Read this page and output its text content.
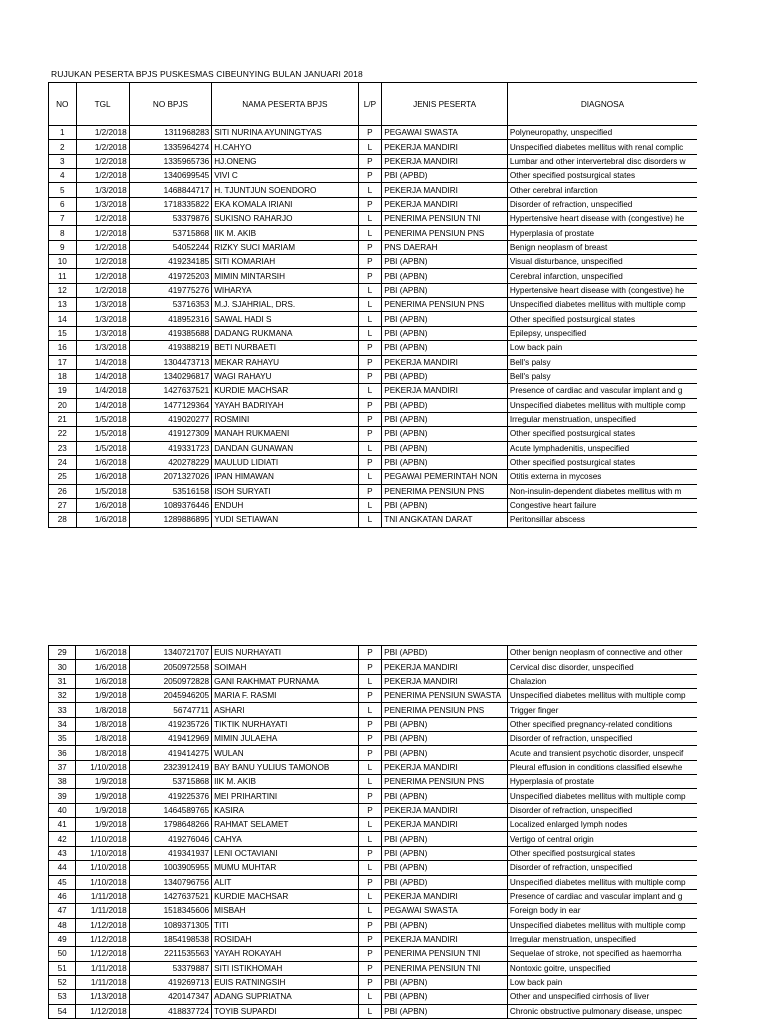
RUJUKAN PESERTA BPJS PUSKESMAS CIBEUNYING BULAN JANUARI 2018
NO	TGL	NO BPJS	NAMA PESERTA BPJS	L/P	JENIS PESERTA	DIAGNOSA
1	1/2/2018	1311968283	SITI NURINA AYUNINGTYAS	P	PEGAWAI SWASTA	Polyneuropathy, unspecified
2	1/2/2018	1335964274	H.CAHYO	L	PEKERJA MANDIRI	Unspecified diabetes mellitus with renal complic
3	1/2/2018	1335965736	HJ.ONENG	P	PEKERJA MANDIRI	Lumbar and other intervertebral disc disorders w
4	1/2/2018	1340699545	VIVI C	P	PBI (APBD)	Other specified postsurgical states
5	1/3/2018	1468844717	H. TJUNTJUN SOENDORO	L	PEKERJA MANDIRI	Other cerebral infarction
6	1/3/2018	1718335822	EKA KOMALA IRIANI	P	PEKERJA MANDIRI	Disorder of refraction, unspecified
7	1/2/2018	53379876	SUKISNO RAHARJO	L	PENERIMA PENSIUN TNI	Hypertensive heart disease with (congestive) he
8	1/2/2018	53715868	IIK M. AKIB	L	PENERIMA PENSIUN PNS	Hyperplasia of prostate
9	1/2/2018	54052244	RIZKY SUCI MARIAM	P	PNS DAERAH	Benign neoplasm of breast
10	1/2/2018	419234185	SITI KOMARIAH	P	PBI (APBN)	Visual disturbance, unspecified
11	1/2/2018	419725203	MIMIN MINTARSIH	P	PBI (APBN)	Cerebral infarction, unspecified
12	1/2/2018	419775276	WIHARYA	L	PBI (APBN)	Hypertensive heart disease with (congestive) he
13	1/3/2018	53716353	M.J. SJAHRIAL, DRS.	L	PENERIMA PENSIUN PNS	Unspecified diabetes mellitus with multiple comp
14	1/3/2018	418952316	SAWAL HADI S	L	PBI (APBN)	Other specified postsurgical states
15	1/3/2018	419385688	DADANG RUKMANA	L	PBI (APBN)	Epilepsy, unspecified
16	1/3/2018	419388219	BETI NURBAETI	P	PBI (APBN)	Low back pain
17	1/4/2018	1304473713	MEKAR RAHAYU	P	PEKERJA MANDIRI	Bell's palsy
18	1/4/2018	1340296817	WAGI RAHAYU	P	PBI (APBD)	Bell's palsy
19	1/4/2018	1427637521	KURDIE MACHSAR	L	PEKERJA MANDIRI	Presence of cardiac and vascular implant and g
20	1/4/2018	1477129364	YAYAH BADRIYAH	P	PBI (APBD)	Unspecified diabetes mellitus with multiple comp
21	1/5/2018	419020277	ROSMINI	P	PBI (APBN)	Irregular menstruation, unspecified
22	1/5/2018	419127309	MANAH RUKMAENI	P	PBI (APBN)	Other specified postsurgical states
23	1/5/2018	419331723	DANDAN GUNAWAN	L	PBI (APBN)	Acute lymphadenitis, unspecified
24	1/6/2018	420278229	MAULUD LIDIATI	P	PBI (APBN)	Other specified postsurgical states
25	1/6/2018	2071327026	IPAN HIMAWAN	L	PEGAWAI PEMERINTAH NON	Otitis externa in mycoses
26	1/5/2018	53516158	ISOH SURYATI	P	PENERIMA PENSIUN PNS	Non-insulin-dependent diabetes mellitus with m
27	1/6/2018	1089376446	ENDUH	L	PBI (APBN)	Congestive heart failure
28	1/6/2018	1289886895	YUDI SETIAWAN	L	TNI ANGKATAN DARAT	Peritonsillar abscess
29	1/6/2018	1340721707	EUIS NURHAYATI	P	PBI (APBD)	Other benign neoplasm of connective and other
30	1/6/2018	2050972558	SOIMAH	P	PEKERJA MANDIRI	Cervical disc disorder, unspecified
31	1/6/2018	2050972828	GANI RAKHMAT PURNAMA	L	PEKERJA MANDIRI	Chalazion
32	1/9/2018	2045946205	MARIA F. RASMI	P	PENERIMA PENSIUN SWASTA	Unspecified diabetes mellitus with multiple comp
33	1/8/2018	56747711	ASHARI	L	PENERIMA PENSIUN PNS	Trigger finger
34	1/8/2018	419235726	TIKTIK NURHAYATI	P	PBI (APBN)	Other specified pregnancy-related conditions
35	1/8/2018	419412969	MIMIN JULAEHA	P	PBI (APBN)	Disorder of refraction, unspecified
36	1/8/2018	419414275	WULAN	P	PBI (APBN)	Acute and transient psychotic disorder, unspecif
37	1/10/2018	2323912419	BAY BANU YULIUS TAMONOB	L	PEKERJA MANDIRI	Pleural effusion in conditions classified elsewhe
38	1/9/2018	53715868	IIK M. AKIB	L	PENERIMA PENSIUN PNS	Hyperplasia of prostate
39	1/9/2018	419225376	MEI PRIHARTINI	P	PBI (APBN)	Unspecified diabetes mellitus with multiple comp
40	1/9/2018	1464589765	KASIRA	P	PEKERJA MANDIRI	Disorder of refraction, unspecified
41	1/9/2018	1798648266	RAHMAT SELAMET	L	PEKERJA MANDIRI	Localized enlarged lymph nodes
42	1/10/2018	419276046	CAHYA	L	PBI (APBN)	Vertigo of central origin
43	1/10/2018	419341937	LENI OCTAVIANI	P	PBI (APBN)	Other specified postsurgical states
44	1/10/2018	1003905955	MUMU MUHTAR	L	PBI (APBN)	Disorder of refraction, unspecified
45	1/10/2018	1340796756	ALIT	P	PBI (APBD)	Unspecified diabetes mellitus with multiple comp
46	1/11/2018	1427637521	KURDIE MACHSAR	L	PEKERJA MANDIRI	Presence of cardiac and vascular implant and g
47	1/11/2018	1518345606	MISBAH	L	PEGAWAI SWASTA	Foreign body in ear
48	1/12/2018	1089371305	TITI	P	PBI (APBN)	Unspecified diabetes mellitus with multiple comp
49	1/12/2018	1854198538	ROSIDAH	P	PEKERJA MANDIRI	Irregular menstruation, unspecified
50	1/12/2018	2211535563	YAYAH ROKAYAH	P	PENERIMA PENSIUN TNI	Sequelae of stroke, not specified as haemorrha
51	1/11/2018	53379887	SITI ISTIKHOMAH	P	PENERIMA PENSIUN TNI	Nontoxic goitre, unspecified
52	1/11/2018	419269713	EUIS RATNINGSIH	P	PBI (APBN)	Low back pain
53	1/13/2018	420147347	ADANG SUPRIATNA	L	PBI (APBN)	Other and unspecified cirrhosis of liver
54	1/12/2018	418837724	TOYIB SUPARDI	L	PBI (APBN)	Chronic obstructive pulmonary disease, unspec
